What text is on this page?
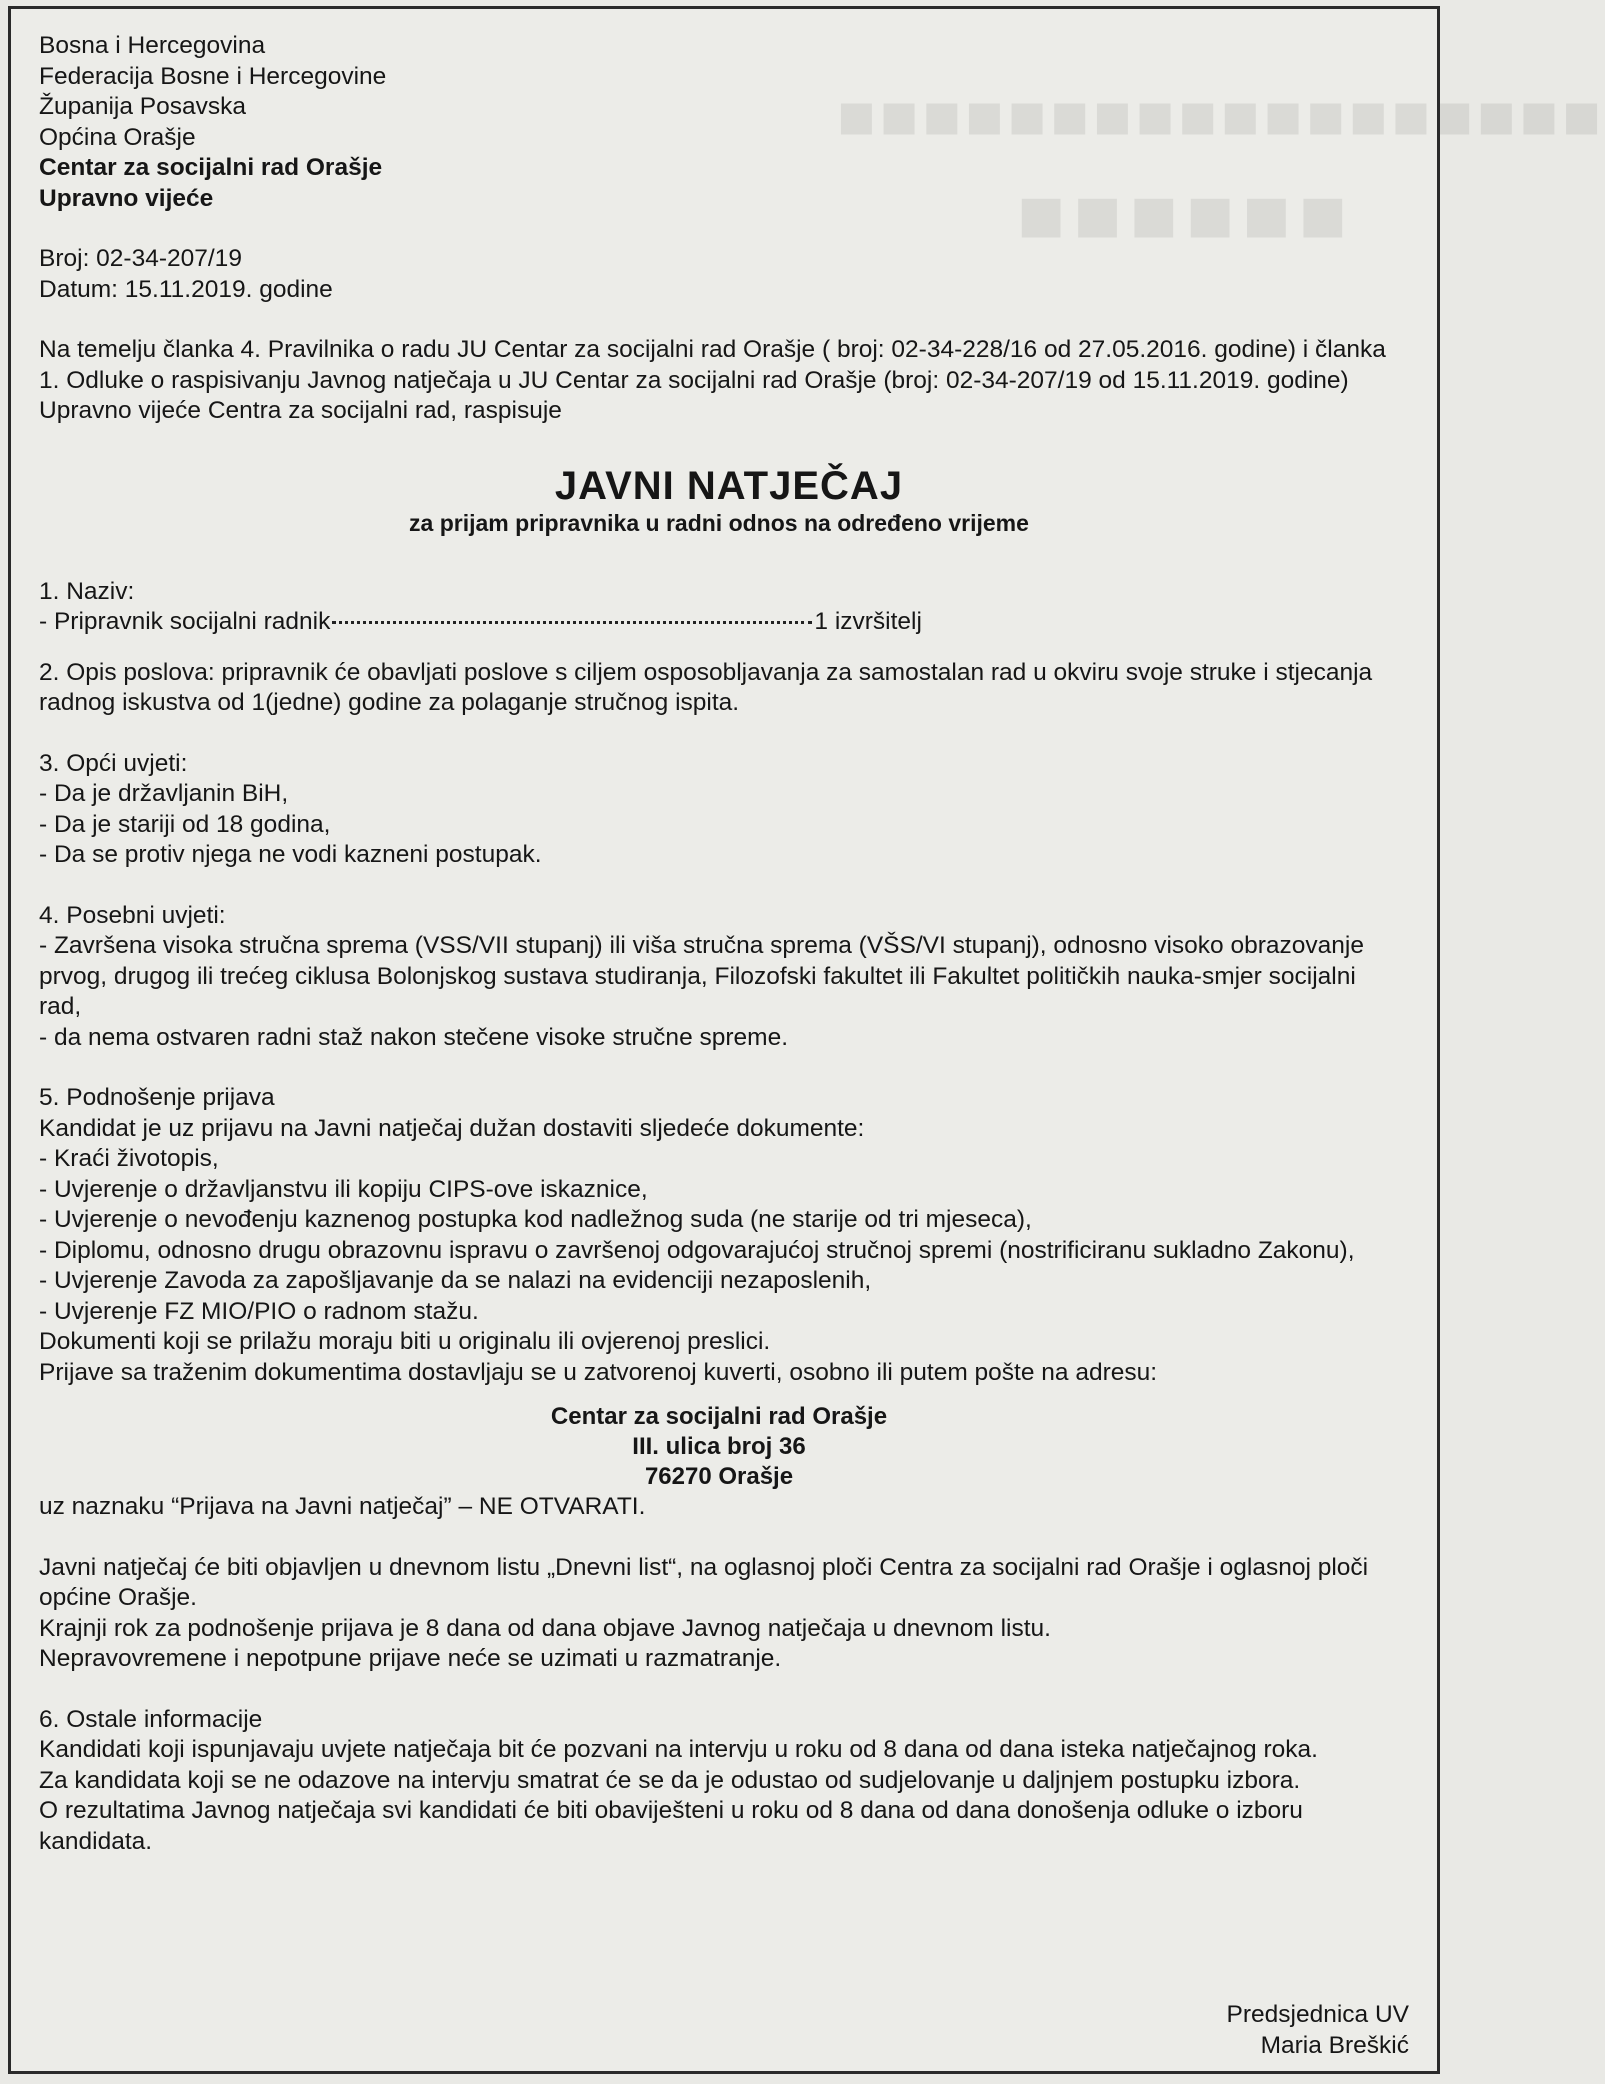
■■■■■■■■■■■■■■■■■■
■■■■■■
Bosna i Hercegovina
Federacija Bosne i Hercegovine
Županija Posavska
Općina Orašje
Centar za socijalni rad Orašje
Upravno vijeće
Broj: 02-34-207/19
Datum: 15.11.2019. godine
Na temelju članka 4. Pravilnika o radu JU Centar za socijalni rad Orašje ( broj: 02-34-228/16 od 27.05.2016. godine) i članka 1. Odluke o raspisivanju Javnog natječaja u JU Centar za socijalni rad Orašje (broj: 02-34-207/19 od 15.11.2019. godine) Upravno vijeće Centra za socijalni rad, raspisuje
JAVNI NATJEČAJ
za prijam pripravnika u radni odnos na određeno vrijeme
1. Naziv:
- Pripravnik socijalni radnik	1 izvršitelj
2. Opis poslova: pripravnik će obavljati poslove s ciljem osposobljavanja za samostalan rad u okviru svoje struke i stjecanja radnog iskustva od 1(jedne) godine za polaganje stručnog ispita.
3. Opći uvjeti:
- Da je državljanin BiH,
- Da je stariji od 18 godina,
- Da se protiv njega ne vodi kazneni postupak.
4. Posebni uvjeti:
- Završena visoka stručna sprema (VSS/VII stupanj) ili viša stručna sprema (VŠS/VI stupanj), odnosno visoko obrazovanje prvog, drugog ili trećeg ciklusa Bolonjskog sustava studiranja, Filozofski fakultet ili Fakultet političkih nauka-smjer socijalni rad,
- da nema ostvaren radni staž nakon stečene visoke stručne spreme.
5. Podnošenje prijava
Kandidat je uz prijavu na Javni natječaj dužan dostaviti sljedeće dokumente:
- Kraći životopis,
- Uvjerenje o državljanstvu ili kopiju CIPS-ove iskaznice,
- Uvjerenje o nevođenju kaznenog postupka kod nadležnog suda (ne starije od tri mjeseca),
- Diplomu, odnosno drugu obrazovnu ispravu o završenoj odgovarajućoj stručnoj spremi (nostrificiranu sukladno Zakonu),
- Uvjerenje Zavoda za zapošljavanje da se nalazi na evidenciji nezaposlenih,
- Uvjerenje FZ MIO/PIO o radnom stažu.
Dokumenti koji se prilažu moraju biti u originalu ili ovjerenoj preslici.
Prijave sa traženim dokumentima dostavljaju se u zatvorenoj kuverti, osobno ili putem pošte na adresu:
Centar za socijalni rad Orašje
III. ulica broj 36
76270 Orašje
uz naznaku “Prijava na Javni natječaj” – NE OTVARATI.
Javni natječaj će biti objavljen u dnevnom listu „Dnevni list“, na oglasnoj ploči Centra za socijalni rad Orašje i oglasnoj ploči općine Orašje.
Krajnji rok za podnošenje prijava je 8 dana od dana objave Javnog natječaja u dnevnom listu.
Nepravovremene i nepotpune prijave neće se uzimati u razmatranje.
6. Ostale informacije
Kandidati koji ispunjavaju uvjete natječaja bit će pozvani na intervju u roku od 8 dana od dana isteka natječajnog roka.
Za kandidata koji se ne odazove na intervju smatrat će se da je odustao od sudjelovanje u daljnjem postupku izbora.
O rezultatima Javnog natječaja svi kandidati će biti obaviješteni u roku od 8 dana od dana donošenja odluke o izboru kandidata.
Predsjednica UV
Maria Breškić
